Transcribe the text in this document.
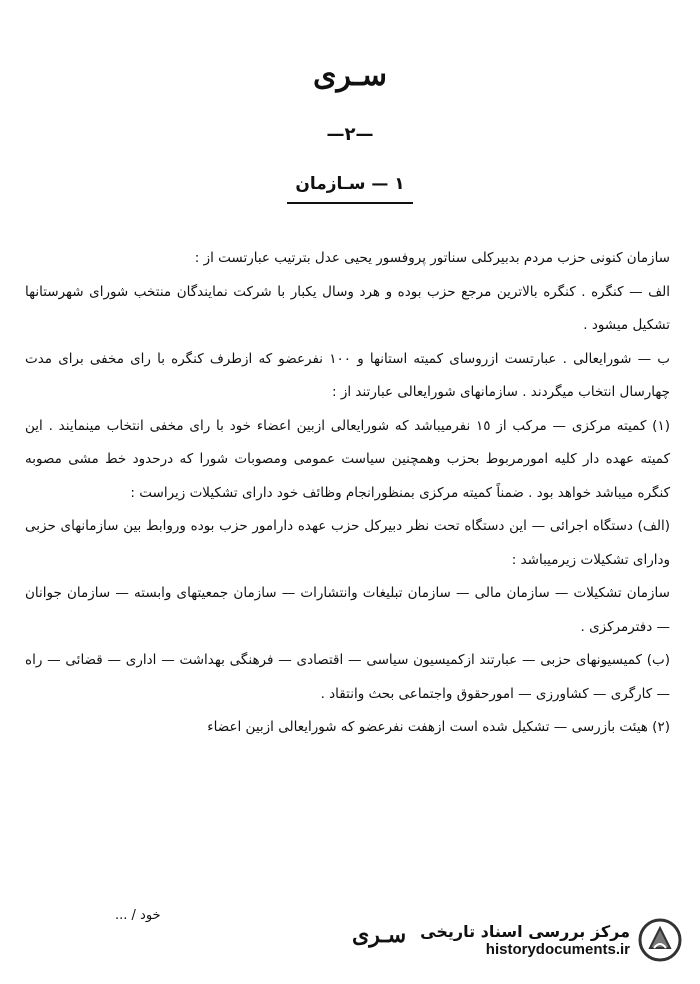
سـری
—٢—
١ — سـازمان

سازمان کنونی حزب مردم بدبیرکلی سناتور پروفسور یحیی عدل بترتیب عبارتست از :

الف — کنگره . کنگره بالاترین مرجع حزب بوده و هرد وسال یکبار با شرکت نمایندگان منتخب شورای شهرستانها تشکیل میشود .

ب — شورایعالی . عبارتست ازروسای کمیته استانها و ١٠٠ نفرعضو که ازطرف کنگره با رای مخفی برای مدت چهارسال انتخاب میگردند . سازمانهای شورایعالی عبارتند از :

(١) کمیته مرکزی — مرکب از ١٥ نفرمیباشد که شورایعالی ازبین اعضاء خود با رای مخفی انتخاب مینمایند . این کمیته عهده دار کلیه امورمربوط بحزب وهمچنین سیاست عمومی ومصوبات شورا که درحدود خط مشی مصوبه کنگره میباشد خواهد بود . ضمناً کمیته مرکزی بمنظورانجام وظائف خود دارای تشکیلات زیراست :

(الف) دستگاه اجرائی — این دستگاه تحت نظر دبیرکل حزب عهده دارامور حزب بوده وروابط بین سازمانهای حزبی ودارای تشکیلات زیرمیباشد :

سازمان تشکیلات — سازمان مالی — سازمان تبلیغات وانتشارات — سازمان جمعیتهای وابسته — سازمان جوانان — دفترمرکزی .

(ب) کمیسیونهای حزبی — عبارتند ازکمیسیون سیاسی — اقتصادی — فرهنگی بهداشت — اداری — قضائی — راه — کارگری — کشاورزی — امورحقوق واجتماعی بحث وانتقاد .

(٢) هیئت بازرسی — تشکیل شده است ازهفت نفرعضو که شورایعالی ازبین اعضاء

خود / ...
سـری مرکز بررسی اسناد تاریخی
historydocuments.ir
